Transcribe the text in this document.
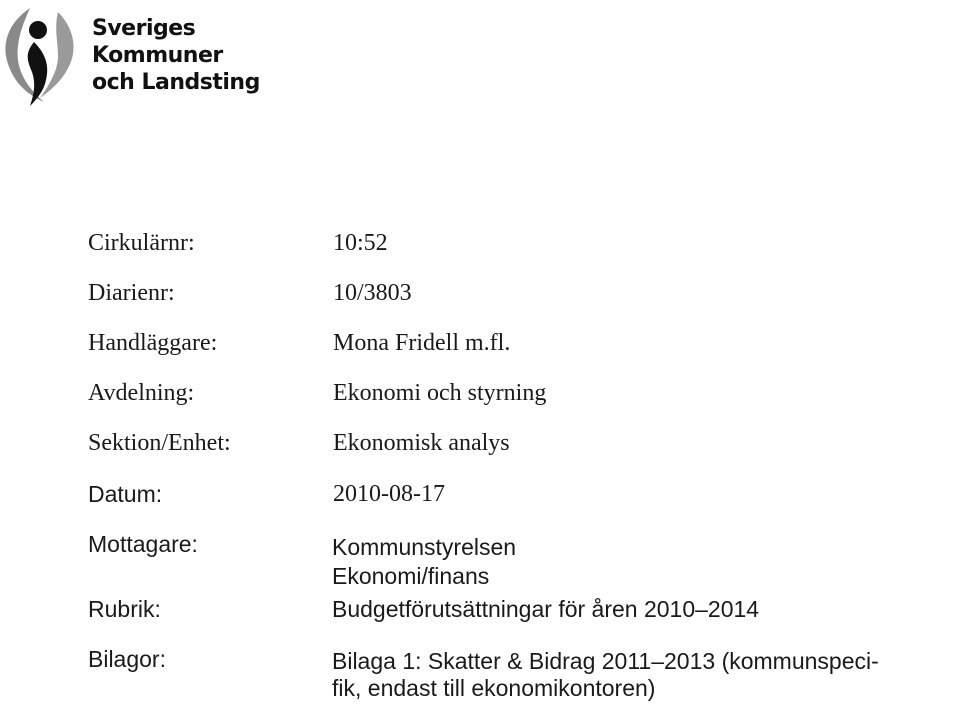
Sveriges
Kommuner
och Landsting
Cirkulärnr:	10:52
Diarienr:	10/3803
Handläggare:	Mona Fridell m.fl.
Avdelning:	Ekonomi och styrning
Sektion/Enhet:	Ekonomisk analys
Datum:	2010-08-17
Mottagare:	Kommunstyrelsen
Ekonomi/finans
Rubrik:	Budgetförutsättningar för åren 2010–2014
Bilagor:	Bilaga 1: Skatter & Bidrag 2011–2013 (kommunspeci-
fik, endast till ekonomikontoren)
